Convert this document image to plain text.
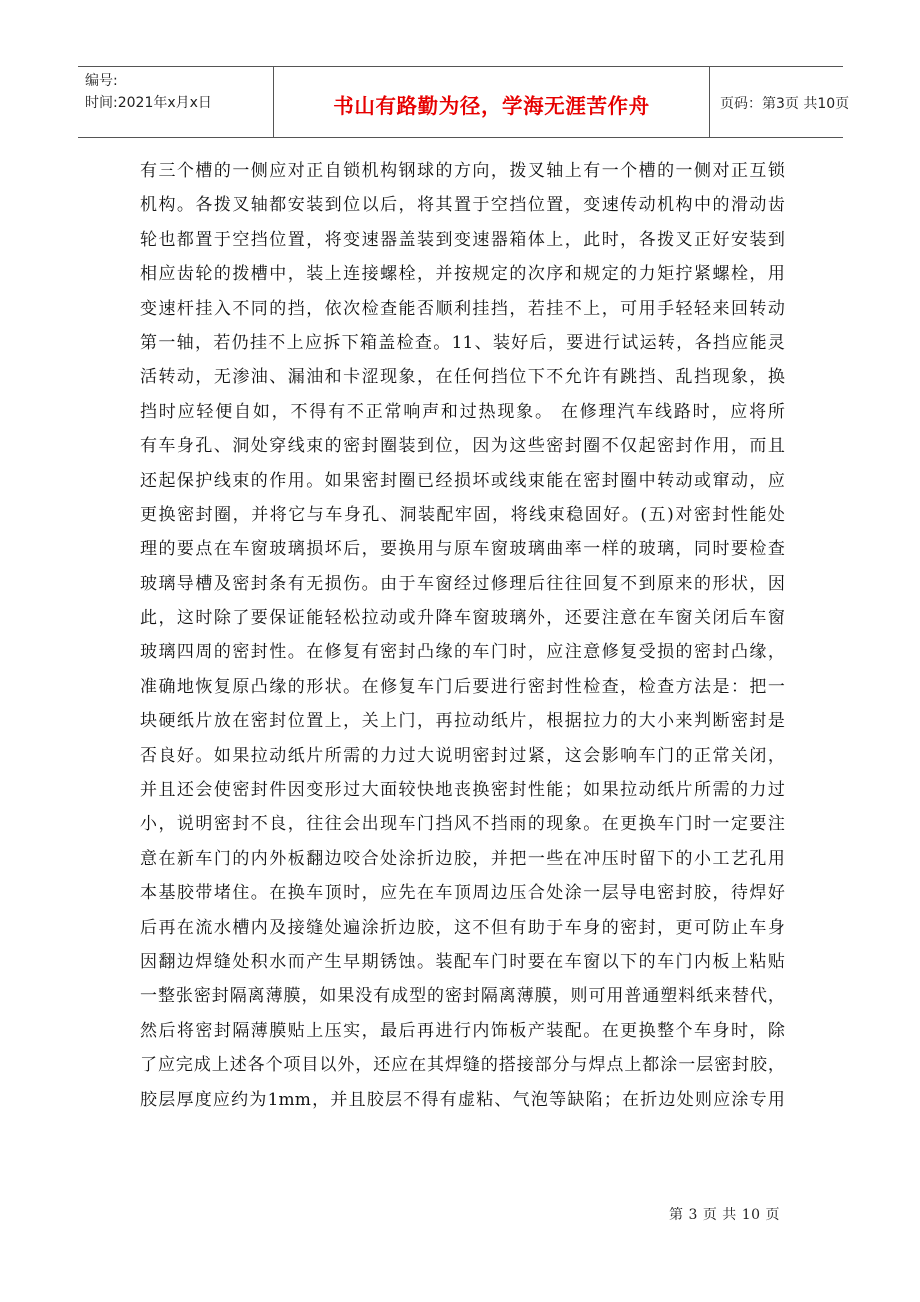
编号:
时间:2021年x月x日	书山有路勤为径，学海无涯苦作舟	页码：第3页 共10页
有三个槽的一侧应对正自锁机构钢球的方向，拨叉轴上有一个槽的一侧对正互锁
机构。各拨叉轴都安装到位以后，将其置于空挡位置，变速传动机构中的滑动齿
轮也都置于空挡位置，将变速器盖装到变速器箱体上，此时，各拨叉正好安装到
相应齿轮的拨槽中，装上连接螺栓，并按规定的次序和规定的力矩拧紧螺栓，用
变速杆挂入不同的挡，依次检查能否顺利挂挡，若挂不上，可用手轻轻来回转动
第一轴，若仍挂不上应拆下箱盖检查。11、装好后，要进行试运转，各挡应能灵
活转动，无渗油、漏油和卡涩现象，在任何挡位下不允许有跳挡、乱挡现象，换
挡时应轻便自如，不得有不正常响声和过热现象。 在修理汽车线路时，应将所
有车身孔、洞处穿线束的密封圈装到位，因为这些密封圈不仅起密封作用，而且
还起保护线束的作用。如果密封圈已经损坏或线束能在密封圈中转动或窜动，应
更换密封圈，并将它与车身孔、洞装配牢固，将线束稳固好。(五)对密封性能处
理的要点在车窗玻璃损坏后，要换用与原车窗玻璃曲率一样的玻璃，同时要检查
玻璃导槽及密封条有无损伤。由于车窗经过修理后往往回复不到原来的形状，因
此，这时除了要保证能轻松拉动或升降车窗玻璃外，还要注意在车窗关闭后车窗
玻璃四周的密封性。在修复有密封凸缘的车门时，应注意修复受损的密封凸缘，
准确地恢复原凸缘的形状。在修复车门后要进行密封性检查，检查方法是：把一
块硬纸片放在密封位置上，关上门，再拉动纸片，根据拉力的大小来判断密封是
否良好。如果拉动纸片所需的力过大说明密封过紧，这会影响车门的正常关闭，
并且还会使密封件因变形过大面较快地丧换密封性能；如果拉动纸片所需的力过
小，说明密封不良，往往会出现车门挡风不挡雨的现象。在更换车门时一定要注
意在新车门的内外板翻边咬合处涂折边胶，并把一些在冲压时留下的小工艺孔用
本基胶带堵住。在换车顶时，应先在车顶周边压合处涂一层导电密封胶，待焊好
后再在流水槽内及接缝处遍涂折边胶，这不但有助于车身的密封，更可防止车身
因翻边焊缝处积水而产生早期锈蚀。装配车门时要在车窗以下的车门内板上粘贴
一整张密封隔离薄膜，如果没有成型的密封隔离薄膜，则可用普通塑料纸来替代，
然后将密封隔薄膜贴上压实，最后再进行内饰板产装配。在更换整个车身时，除
了应完成上述各个项目以外，还应在其焊缝的搭接部分与焊点上都涂一层密封胶，
胶层厚度应约为1mm，并且胶层不得有虚粘、气泡等缺陷；在折边处则应涂专用
第 3 页 共 10 页
